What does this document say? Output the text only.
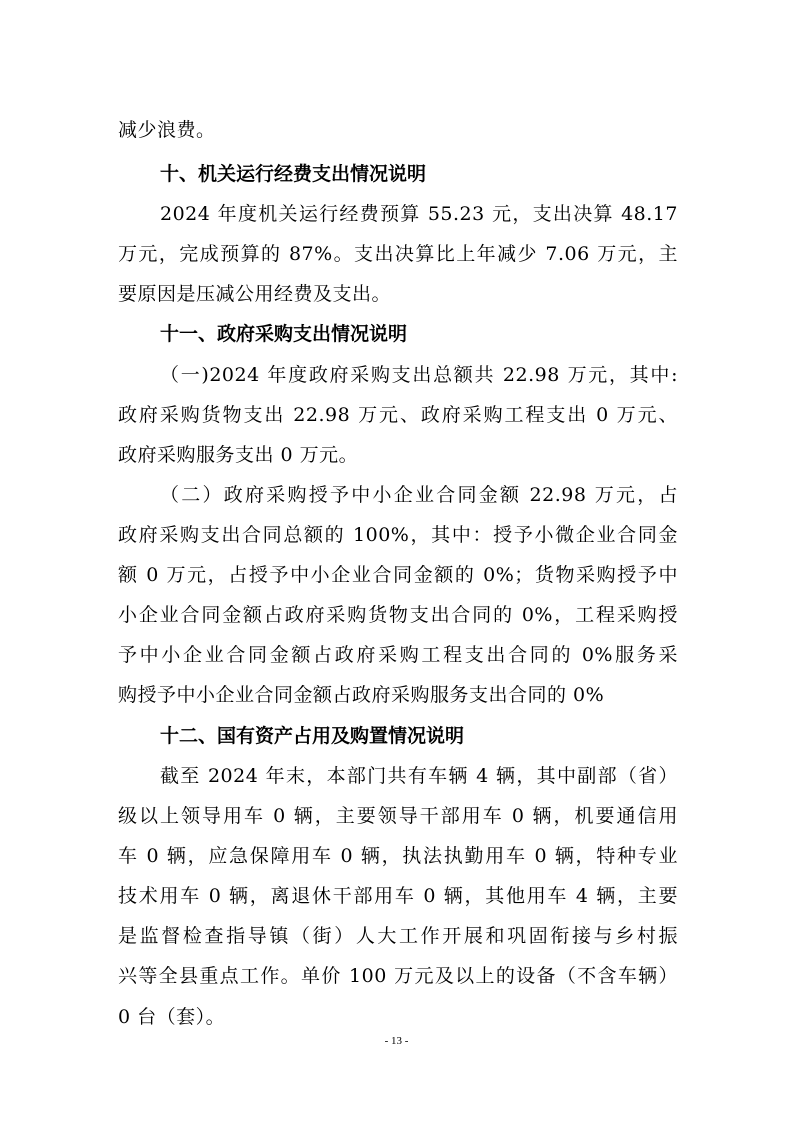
减少浪费。
十、机关运行经费支出情况说明
2024 年度机关运行经费预算 55.23 元，支出决算 48.17
万元，完成预算的 87%。支出决算比上年减少 7.06 万元，主
要原因是压减公用经费及支出。
十一、政府采购支出情况说明
（一)2024 年度政府采购支出总额共 22.98 万元，其中:
政府采购货物支出 22.98 万元、政府采购工程支出 0 万元、
政府采购服务支出 0 万元。
（二）政府采购授予中小企业合同金额 22.98 万元，占
政府采购支出合同总额的 100%，其中：授予小微企业合同金
额 0 万元，占授予中小企业合同金额的 0%；货物采购授予中
小企业合同金额占政府采购货物支出合同的 0%，工程采购授
予中小企业合同金额占政府采购工程支出合同的 0%服务采
购授予中小企业合同金额占政府采购服务支出合同的 0%
十二、国有资产占用及购置情况说明
截至 2024 年末，本部门共有车辆 4 辆，其中副部（省）
级以上领导用车 0 辆，主要领导干部用车 0 辆，机要通信用
车 0 辆，应急保障用车 0 辆，执法执勤用车 0 辆，特种专业
技术用车 0 辆，离退休干部用车 0 辆，其他用车 4 辆，主要
是监督检查指导镇（街）人大工作开展和巩固衔接与乡村振
兴等全县重点工作。单价 100 万元及以上的设备（不含车辆）
0 台（套）。
- 13 -
